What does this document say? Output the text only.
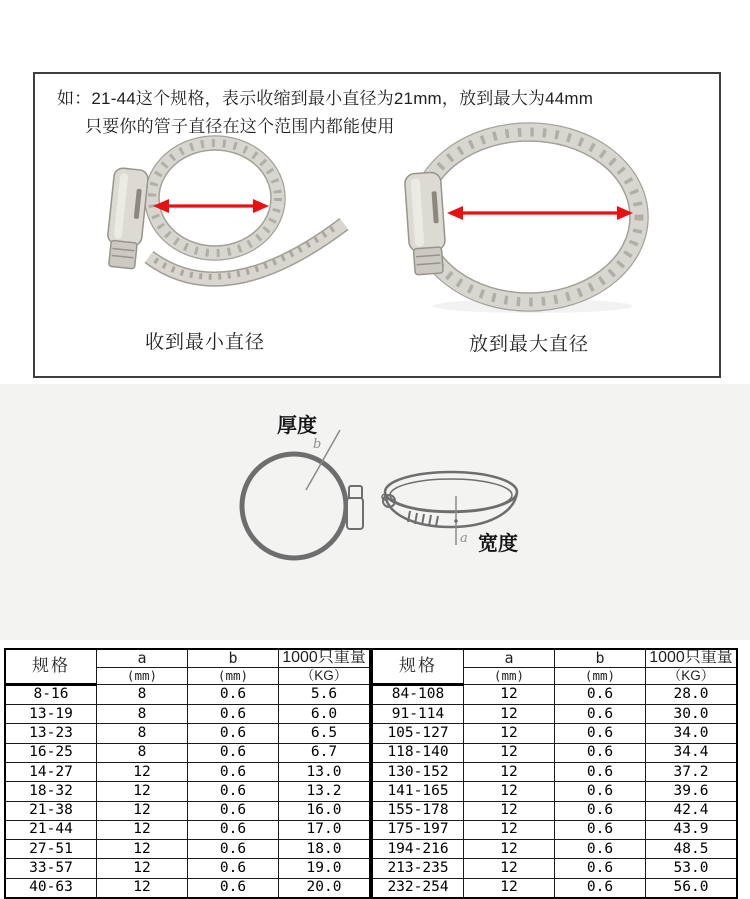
如：21-44这个规格，表示收缩到最小直径为21mm，放到最大为44mm
只要你的管子直径在这个范围内都能使用
收到最小直径	放到最大直径
厚度
b
a 宽度
规格	a	b	1000只重量
	(mm)	(mm)	（KG）
8-16	8	0.6	5.6
13-19	8	0.6	6.0
13-23	8	0.6	6.5
16-25	8	0.6	6.7
14-27	12	0.6	13.0
18-32	12	0.6	13.2
21-38	12	0.6	16.0
21-44	12	0.6	17.0
27-51	12	0.6	18.0
33-57	12	0.6	19.0
40-63	12	0.6	20.0
规格	a	b	1000只重量
	(mm)	(mm)	（KG）
84-108	12	0.6	28.0
91-114	12	0.6	30.0
105-127	12	0.6	34.0
118-140	12	0.6	34.4
130-152	12	0.6	37.2
141-165	12	0.6	39.6
155-178	12	0.6	42.4
175-197	12	0.6	43.9
194-216	12	0.6	48.5
213-235	12	0.6	53.0
232-254	12	0.6	56.0
